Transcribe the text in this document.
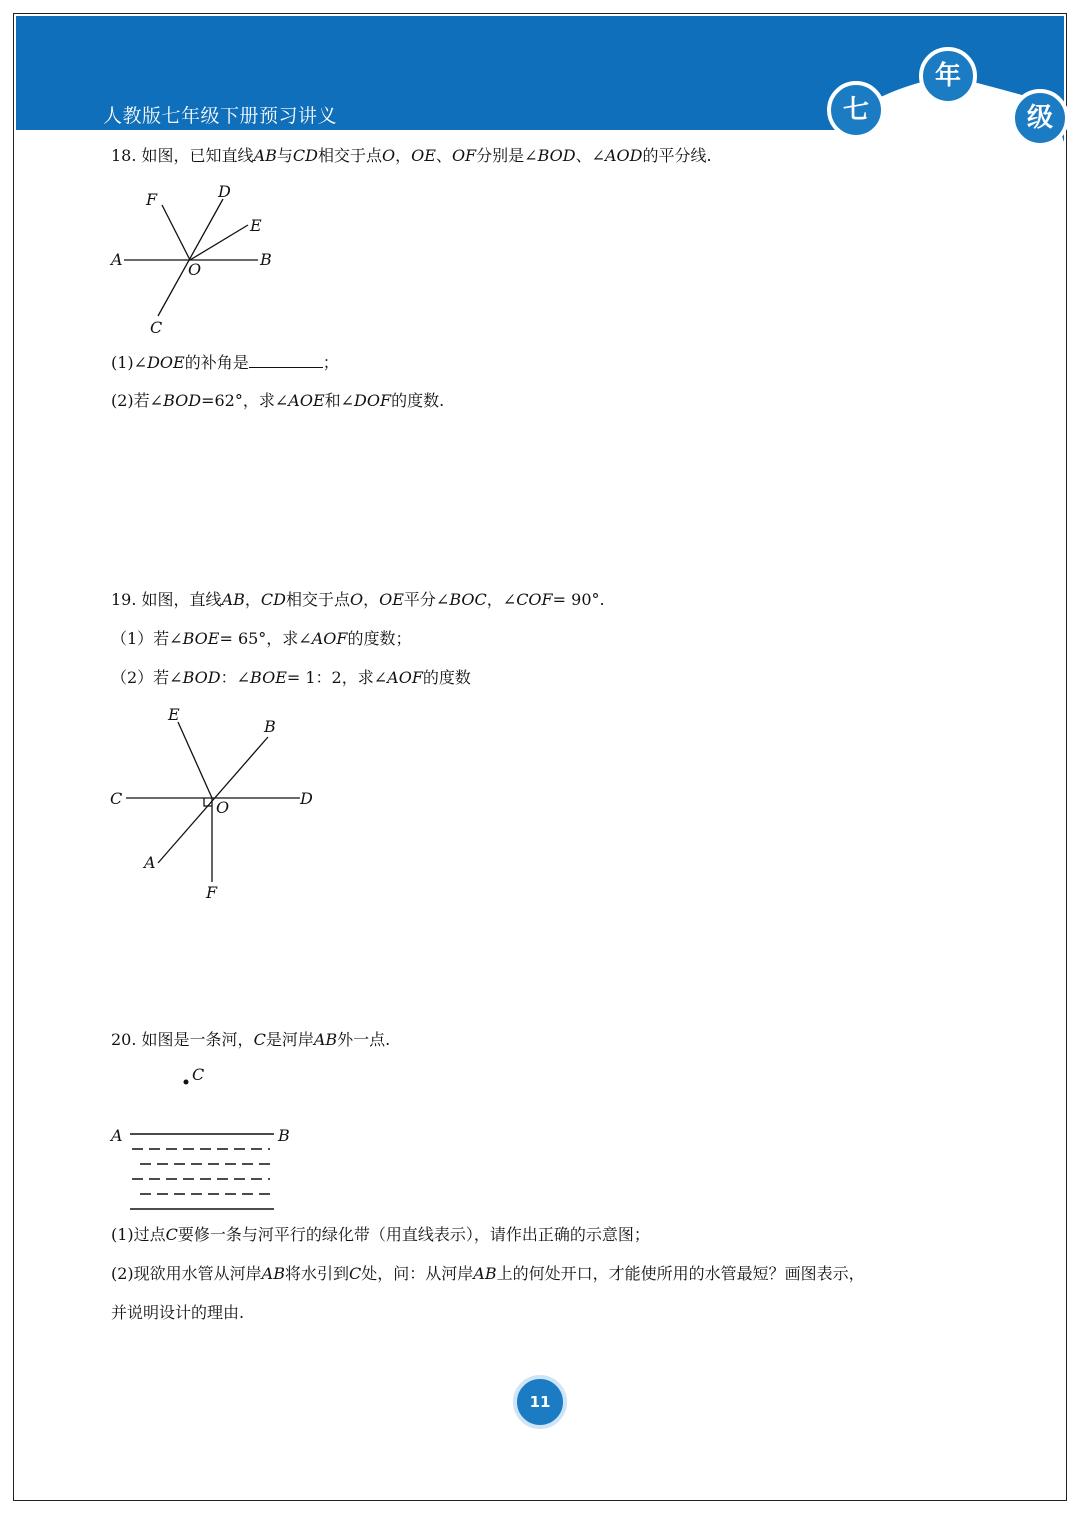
人教版七年级下册预习讲义	七
年
级
18. 如图，已知直线AB与CD相交于点O，OE、OF分别是∠BOD、∠AOD的平分线.
A	B
C
D
E
F
O
(1)∠DOE的补角是	；
(2)若∠BOD=62°，求∠AOE和∠DOF的度数.
19. 如图，直线AB，CD相交于点O，OE平分∠BOC，∠COF= 90°.
（1）若∠BOE= 65°，求∠AOF的度数；
（2）若∠BOD：∠BOE= 1：2，求∠AOF的度数
C	D
E
B
A
F
O
20. 如图是一条河，C是河岸AB外一点.
C
A	B
(1)过点C要修一条与河平行的绿化带（用直线表示），请作出正确的示意图；
(2)现欲用水管从河岸AB将水引到C处，问：从河岸AB上的何处开口，才能使所用的水管最短？画图表示，
并说明设计的理由.
11
